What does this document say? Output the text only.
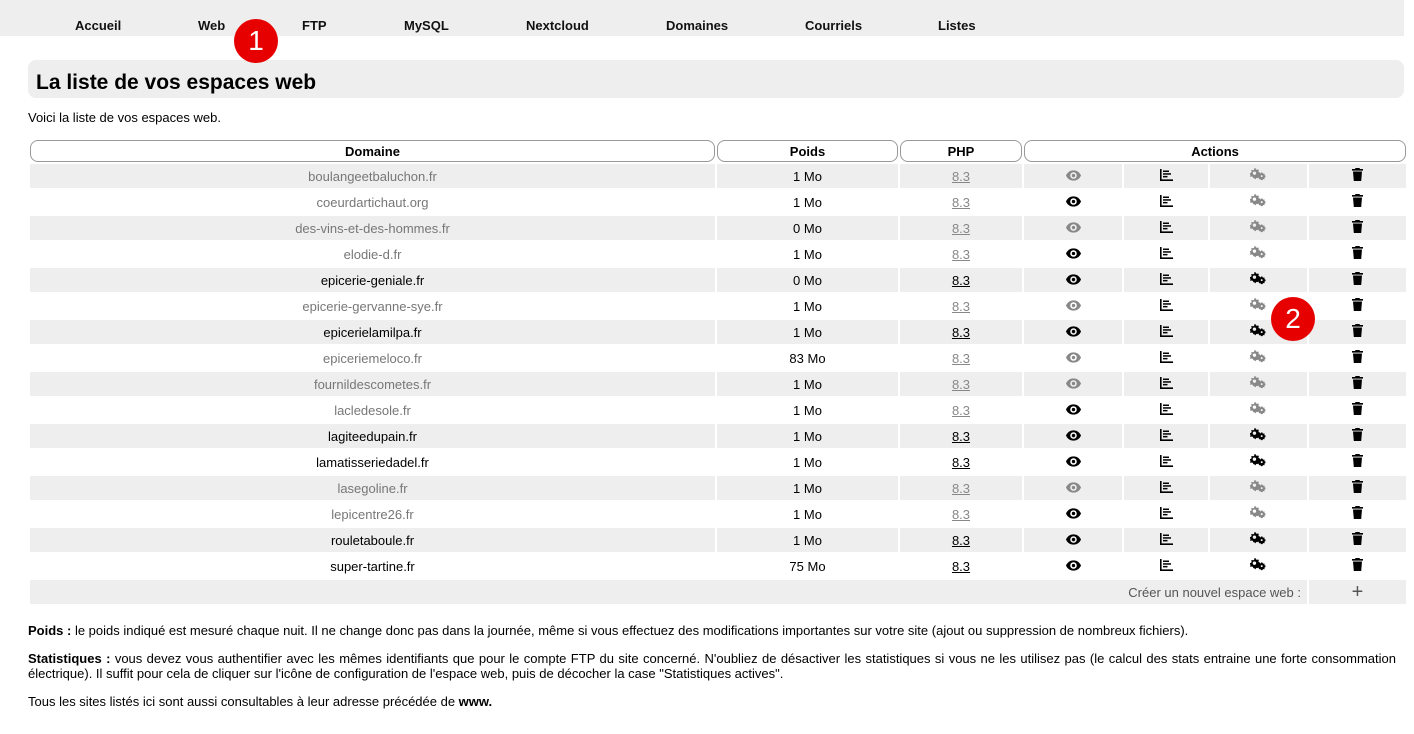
Accueil	Web	FTP	MySQL	Nextcloud	Domaines	Courriels	Listes
La liste de vos espaces web
Voici la liste de vos espaces web.
Domaine	Poids	PHP	Actions			
boulangeetbaluchon.fr	1 Mo	8.3				
coeurdartichaut.org	1 Mo	8.3				
des-vins-et-des-hommes.fr	0 Mo	8.3				
elodie-d.fr	1 Mo	8.3				
epicerie-geniale.fr	0 Mo	8.3				
epicerie-gervanne-sye.fr	1 Mo	8.3				
epicerielamilpa.fr	1 Mo	8.3				
epiceriemeloco.fr	83 Mo	8.3				
fournildescometes.fr	1 Mo	8.3				
lacledesole.fr	1 Mo	8.3				
lagiteedupain.fr	1 Mo	8.3				
lamatisseriedadel.fr	1 Mo	8.3				
lasegoline.fr	1 Mo	8.3				
lepicentre26.fr	1 Mo	8.3				
rouletaboule.fr	1 Mo	8.3				
super-tartine.fr	75 Mo	8.3				
Créer un nouvel espace web :						+
Poids : le poids indiqué est mesuré chaque nuit. Il ne change donc pas dans la journée, même si vous effectuez des modifications importantes sur votre site (ajout ou suppression de nombreux fichiers).
Statistiques : vous devez vous authentifier avec les mêmes identifiants que pour le compte FTP du site concerné. N'oubliez de désactiver les statistiques si vous ne les utilisez pas (le calcul des stats entraine une forte consommation électrique). Il suffit pour cela de cliquer sur l'icône de configuration de l'espace web, puis de décocher la case "Statistiques actives".
Tous les sites listés ici sont aussi consultables à leur adresse précédée de www.
1
2
